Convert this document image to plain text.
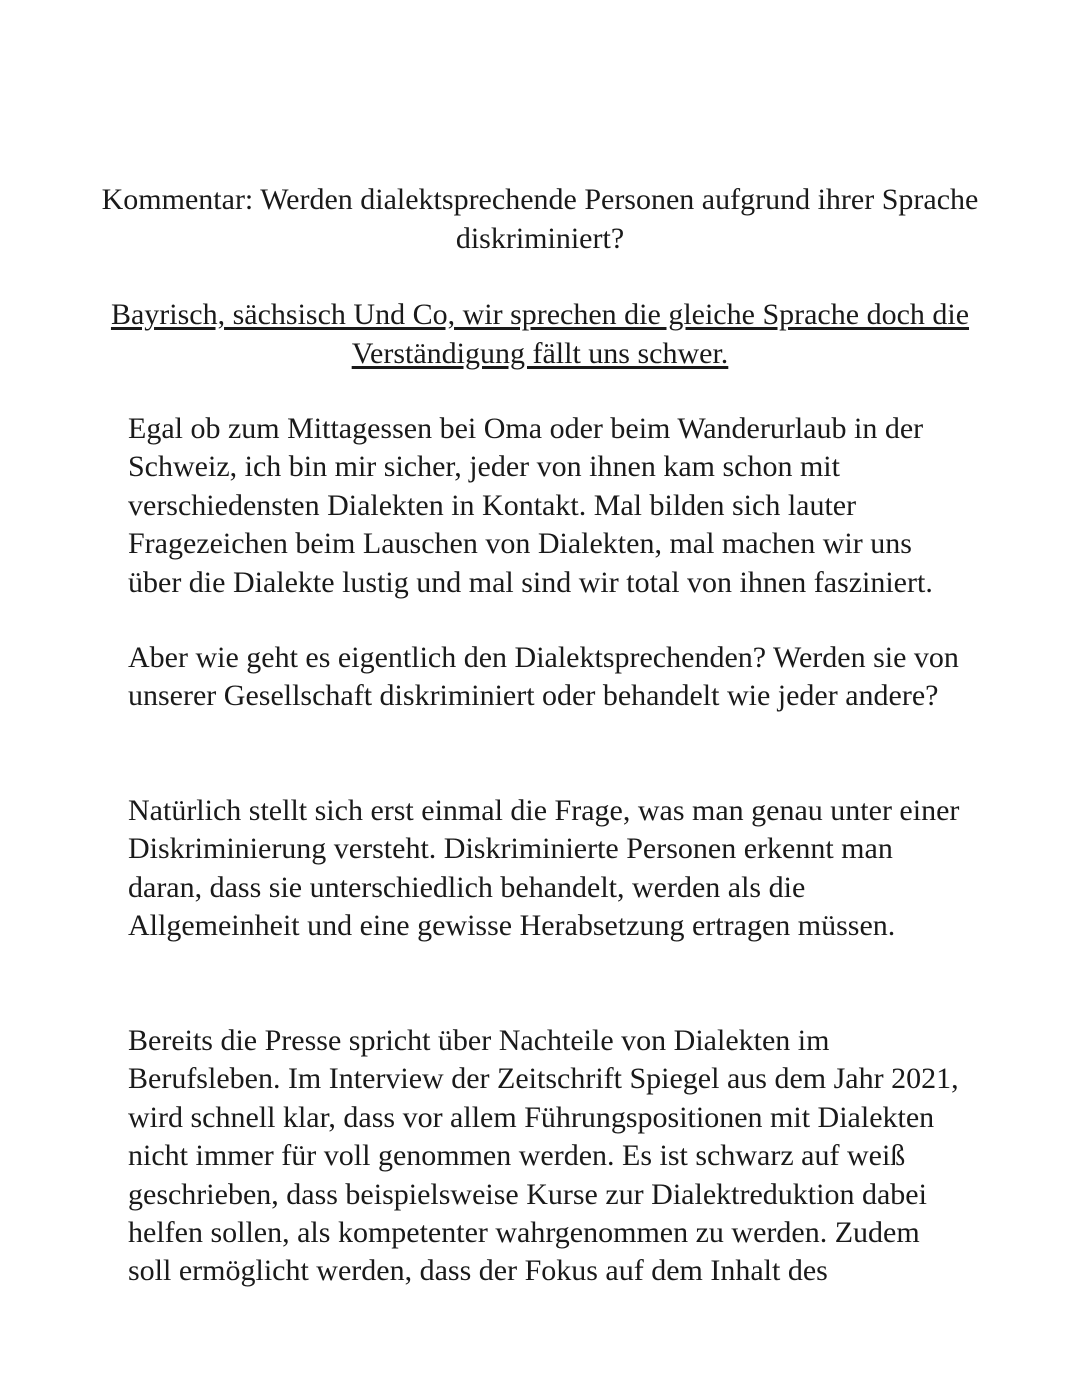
Kommentar: Werden dialektsprechende Personen aufgrund ihrer Sprache diskriminiert?

Bayrisch, sächsisch Und Co, wir sprechen die gleiche Sprache doch die Verständigung fällt uns schwer.

Egal ob zum Mittagessen bei Oma oder beim Wanderurlaub in der Schweiz, ich bin mir sicher, jeder von ihnen kam schon mit verschiedensten Dialekten in Kontakt. Mal bilden sich lauter Fragezeichen beim Lauschen von Dialekten, mal machen wir uns über die Dialekte lustig und mal sind wir total von ihnen fasziniert.

Aber wie geht es eigentlich den Dialektsprechenden? Werden sie von unserer Gesellschaft diskriminiert oder behandelt wie jeder andere?

Natürlich stellt sich erst einmal die Frage, was man genau unter einer Diskriminierung versteht. Diskriminierte Personen erkennt man daran, dass sie unterschiedlich behandelt, werden als die Allgemeinheit und eine gewisse Herabsetzung ertragen müssen.

Bereits die Presse spricht über Nachteile von Dialekten im Berufsleben. Im Interview der Zeitschrift Spiegel aus dem Jahr 2021, wird schnell klar, dass vor allem Führungspositionen mit Dialekten nicht immer für voll genommen werden. Es ist schwarz auf weiß geschrieben, dass beispielsweise Kurse zur Dialektreduktion dabei helfen sollen, als kompetenter wahrgenommen zu werden. Zudem soll ermöglicht werden, dass der Fokus auf dem Inhalt des
